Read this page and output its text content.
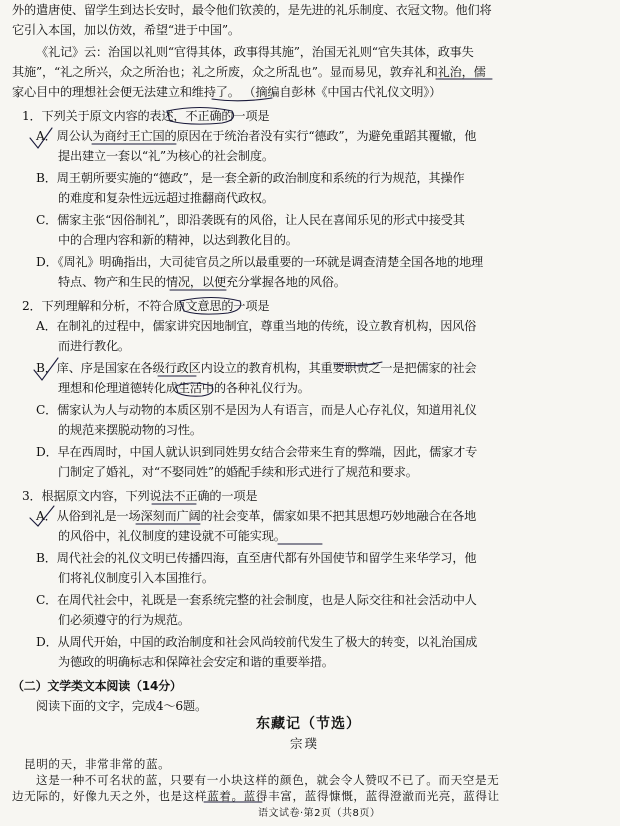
外的遣唐使、留学生到达长安时，最令他们钦羡的，是先进的礼乐制度、衣冠文物。他们将
它引入本国，加以仿效，希望“进于中国”。
《礼记》云：治国以礼则“官得其体，政事得其施”，治国无礼则“官失其体，政事失
其施”，“礼之所兴，众之所治也；礼之所废，众之所乱也”。显而易见，敦弃礼和礼治，儒
家心目中的理想社会便无法建立和维持了。 （摘编自彭林《中国古代礼仪文明》）
1．下列关于原文内容的表述，不正确的一项是
A．周公认为商纣王亡国的原因在于统治者没有实行“德政”，为避免重蹈其覆辙，他
提出建立一套以“礼”为核心的社会制度。
B．周王朝所要实施的“德政”，是一套全新的政治制度和系统的行为规范，其操作
的难度和复杂性远远超过推翻商代政权。
C．儒家主张“因俗制礼”，即沿袭既有的风俗，让人民在喜闻乐见的形式中接受其
中的合理内容和新的精神，以达到教化目的。
D．《周礼》明确指出，大司徒官员之所以最重要的一环就是调查清楚全国各地的地理
特点、物产和生民的情况，以便充分掌握各地的风俗。
2．下列理解和分析，不符合原文意思的一项是
A．在制礼的过程中，儒家讲究因地制宜，尊重当地的传统，设立教育机构，因风俗
而进行教化。
B．庠、序是国家在各级行政区内设立的教育机构，其重要职责之一是把儒家的社会
理想和伦理道德转化成生活中的各种礼仪行为。
C．儒家认为人与动物的本质区别不是因为人有语言，而是人心存礼仪，知道用礼仪
的规范来摆脱动物的习性。
D．早在西周时，中国人就认识到同姓男女结合会带来生育的弊端，因此，儒家才专
门制定了婚礼，对“不娶同姓”的婚配手续和形式进行了规范和要求。
3．根据原文内容，下列说法不正确的一项是
A．从俗到礼是一场深刻而广阔的社会变革，儒家如果不把其思想巧妙地融合在各地
的风俗中，礼仪制度的建设就不可能实现。
B．周代社会的礼仪文明已传播四海，直至唐代都有外国使节和留学生来华学习，他
们将礼仪制度引入本国推行。
C．在周代社会中，礼既是一套系统完整的社会制度，也是人际交往和社会活动中人
们必须遵守的行为规范。
D．从周代开始，中国的政治制度和社会风尚较前代发生了极大的转变，以礼治国成
为德政的明确标志和保障社会安定和谐的重要举措。
（二）文学类文本阅读（14分）
阅读下面的文字，完成4～6题。
东藏记（节选）
宗璞
昆明的天，非常非常的蓝。
这是一种不可名状的蓝，只要有一小块这样的颜色，就会令人赞叹不已了。而天空是无
边无际的，好像九天之外，也是这样蓝着。蓝得丰富，蓝得慷慨，蓝得澄澈而光亮，蓝得让
语文试卷·第2页（共8页）
